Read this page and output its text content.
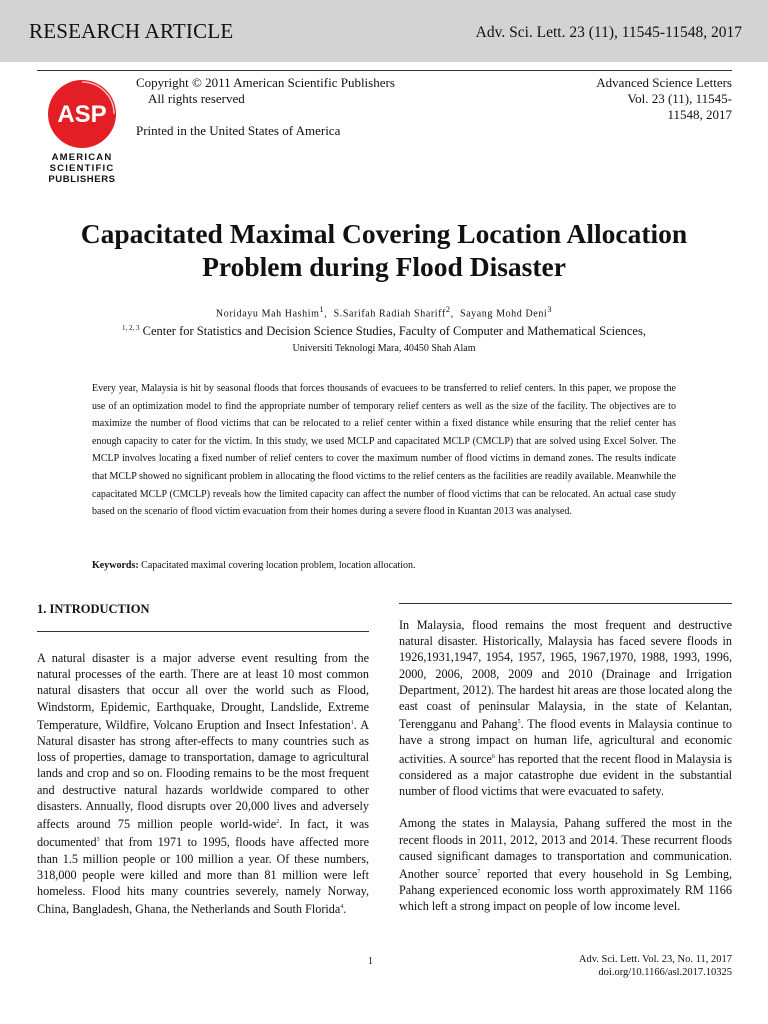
RESEARCH ARTICLE	Adv. Sci. Lett. 23 (11), 11545-11548, 2017
ASP
AMERICAN
SCIENTIFIC
PUBLISHERS
Copyright © 2011 American Scientific Publishers
All rights reserved
Printed in the United States of America
Advanced Science Letters
Vol. 23 (11), 11545-
11548, 2017
Capacitated Maximal Covering Location Allocation
Problem during Flood Disaster
Noridayu Mah Hashim$^1$,  S.Sarifah Radiah Shariff$^2$,  Sayang Mohd Deni$^3$
$^{1, 2, 3}$ Center for Statistics and Decision Science Studies, Faculty of Computer and Mathematical Sciences,
Universiti Teknologi Mara, 40450 Shah Alam
Every year, Malaysia is hit by seasonal floods that forces thousands of evacuees to be transferred to relief centers. In this paper, we propose the use of an optimization model to find the appropriate number of temporary relief centers as well as the size of the facility. The objectives are to maximize the number of flood victims that can be relocated to a relief center within a fixed distance while ensuring that the relief center has enough capacity to cater for the victim. In this study, we used MCLP and capacitated MCLP (CMCLP) that are solved using Excel Solver. The MCLP involves locating a fixed number of relief centers to cover the maximum number of flood victims in demand zones. The results indicate that MCLP showed no significant problem in allocating the flood victims to the relief centers as the facilities are readily available. Meanwhile the capacitated MCLP (CMCLP) reveals how the limited capacity can affect the number of flood victims that can be relocated. An actual case study based on the scenario of flood victim evacuation from their homes during a severe flood in Kuantan 2013 was analysed.
Keywords: Capacitated maximal covering location problem, location allocation.
1. INTRODUCTION

A natural disaster is a major adverse event resulting from the natural processes of the earth. There are at least 10 most common natural disasters that occur all over the world such as Flood, Windstorm, Epidemic, Earthquake, Drought, Landslide, Extreme Temperature, Wildfire, Volcano Eruption and Insect Infestation$^1$. A Natural disaster has strong after-effects to many countries such as loss of properties, damage to transportation, damage to agricultural lands and crop and so on. Flooding remains to be the most frequent and destructive natural hazards worldwide compared to other disasters. Annually, flood disrupts over 20,000 lives and adversely affects around 75 million people world-wide$^2$. In fact, it was documented$^3$ that from 1971 to 1995, floods have affected more than 1.5 million people or 100 million a year. Of these numbers, 318,000 people were killed and more than 81 million were left homeless. Flood hits many countries severely, namely Norway, China, Bangladesh, Ghana, the Netherlands and South Florida$^4$.

In Malaysia, flood remains the most frequent and destructive natural disaster. Historically, Malaysia has faced severe floods in 1926,1931,1947, 1954, 1957, 1965, 1967,1970, 1988, 1993, 1996, 2000, 2006, 2008, 2009 and 2010 (Drainage and Irrigation Department, 2012). The hardest hit areas are those located along the east coast of peninsular Malaysia, in the state of Kelantan, Terengganu and Pahang$^5$. The flood events in Malaysia continue to have a strong impact on human life, agricultural and economic activities. A source$^6$ has reported that the recent flood in Malaysia is considered as a major catastrophe due evident in the substantial number of flood victims that were evacuated to safety.

Among the states in Malaysia, Pahang suffered the most in the recent floods in 2011, 2012, 2013 and 2014. These recurrent floods caused significant damages to transportation and communication. Another source$^7$ reported that every household in Sg Lembing, Pahang experienced economic loss worth approximately RM 1166 which left a strong impact on people of low income level.

1	Adv. Sci. Lett. Vol. 23, No. 11, 2017
doi.org/10.1166/asl.2017.10325
